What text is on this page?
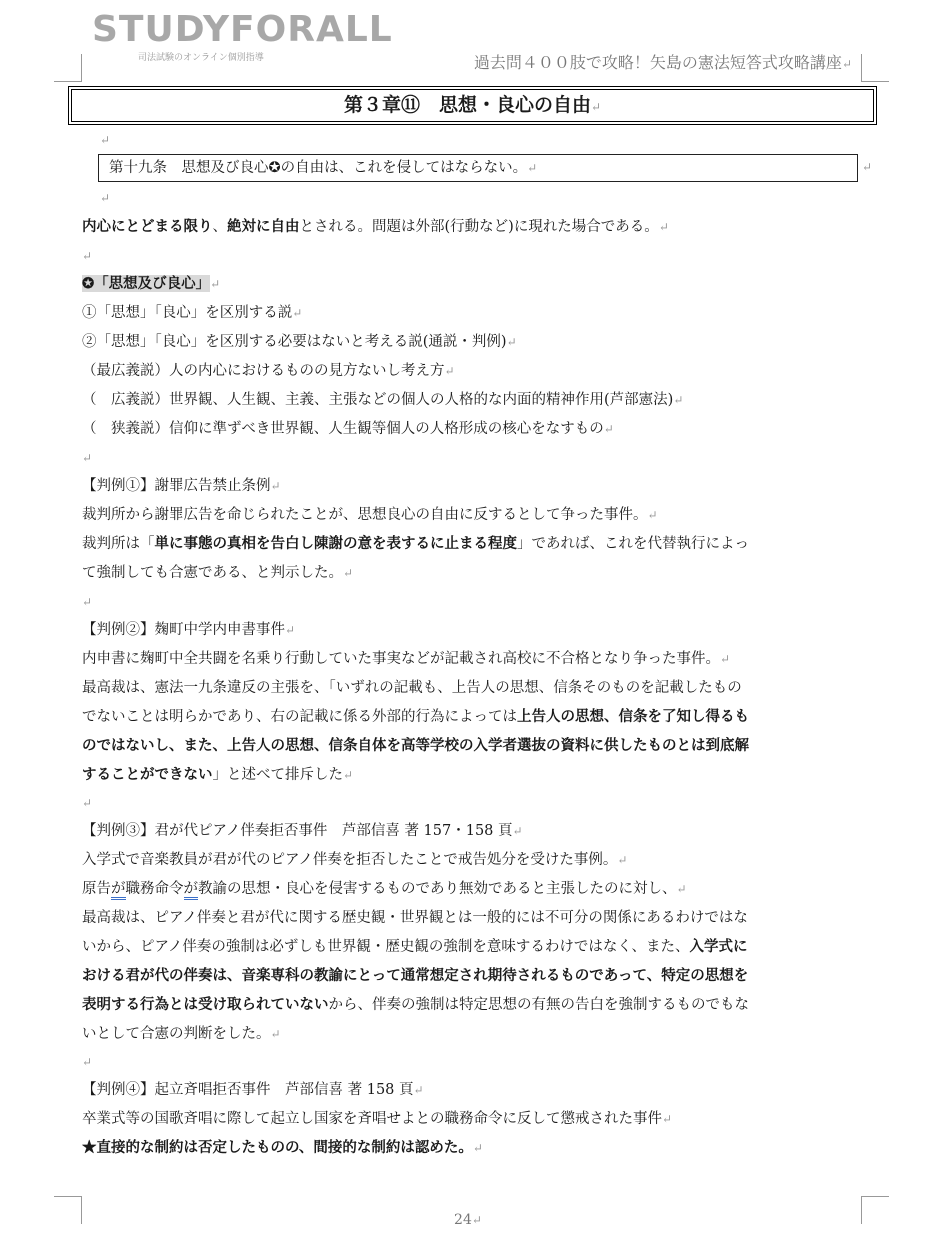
STUDYFORALL
司法試験のオンライン個別指導	過去問４００肢で攻略！矢島の憲法短答式攻略講座↵
第３章⑪　思想・良心の自由↵
↵
第十九条　思想及び良心✪の自由は、これを侵してはならない。↵	↵
↵
内心にとどまる限り、絶対に自由とされる。問題は外部(行動など)に現れた場合である。↵
↵
✪「思想及び良心」↵
①「思想」「良心」を区別する説↵
②「思想」「良心」を区別する必要はないと考える説(通説・判例)↵
（最広義説）人の内心におけるものの見方ないし考え方↵
（　広義説）世界観、人生観、主義、主張などの個人の人格的な内面的精神作用(芦部憲法)↵
（　狭義説）信仰に準ずべき世界観、人生観等個人の人格形成の核心をなすもの↵
↵
【判例①】謝罪広告禁止条例↵
裁判所から謝罪広告を命じられたことが、思想良心の自由に反するとして争った事件。↵
裁判所は「単に事態の真相を告白し陳謝の意を表するに止まる程度」であれば、これを代替執行によっ
て強制しても合憲である、と判示した。↵
↵
【判例②】麹町中学内申書事件↵
内申書に麹町中全共闘を名乗り行動していた事実などが記載され高校に不合格となり争った事件。↵
最高裁は、憲法一九条違反の主張を、「いずれの記載も、上告人の思想、信条そのものを記載したもの
でないことは明らかであり、右の記載に係る外部的行為によっては上告人の思想、信条を了知し得るも
のではないし、また、上告人の思想、信条自体を高等学校の入学者選抜の資料に供したものとは到底解
することができない」と述べて排斥した↵
↵
【判例③】君が代ピアノ伴奏拒否事件　芦部信喜 著 157・158 頁↵
入学式で音楽教員が君が代のピアノ伴奏を拒否したことで戒告処分を受けた事例。↵
原告が職務命令が教諭の思想・良心を侵害するものであり無効であると主張したのに対し、↵
最高裁は、ピアノ伴奏と君が代に関する歴史観・世界観とは一般的には不可分の関係にあるわけではな
いから、ピアノ伴奏の強制は必ずしも世界観・歴史観の強制を意味するわけではなく、また、入学式に
おける君が代の伴奏は、音楽専科の教諭にとって通常想定され期待されるものであって、特定の思想を
表明する行為とは受け取られていないから、伴奏の強制は特定思想の有無の告白を強制するものでもな
いとして合憲の判断をした。↵
↵
【判例④】起立斉唱拒否事件　芦部信喜 著 158 頁↵
卒業式等の国歌斉唱に際して起立し国家を斉唱せよとの職務命令に反して懲戒された事件↵
★直接的な制約は否定したものの、間接的な制約は認めた。↵
24↵
